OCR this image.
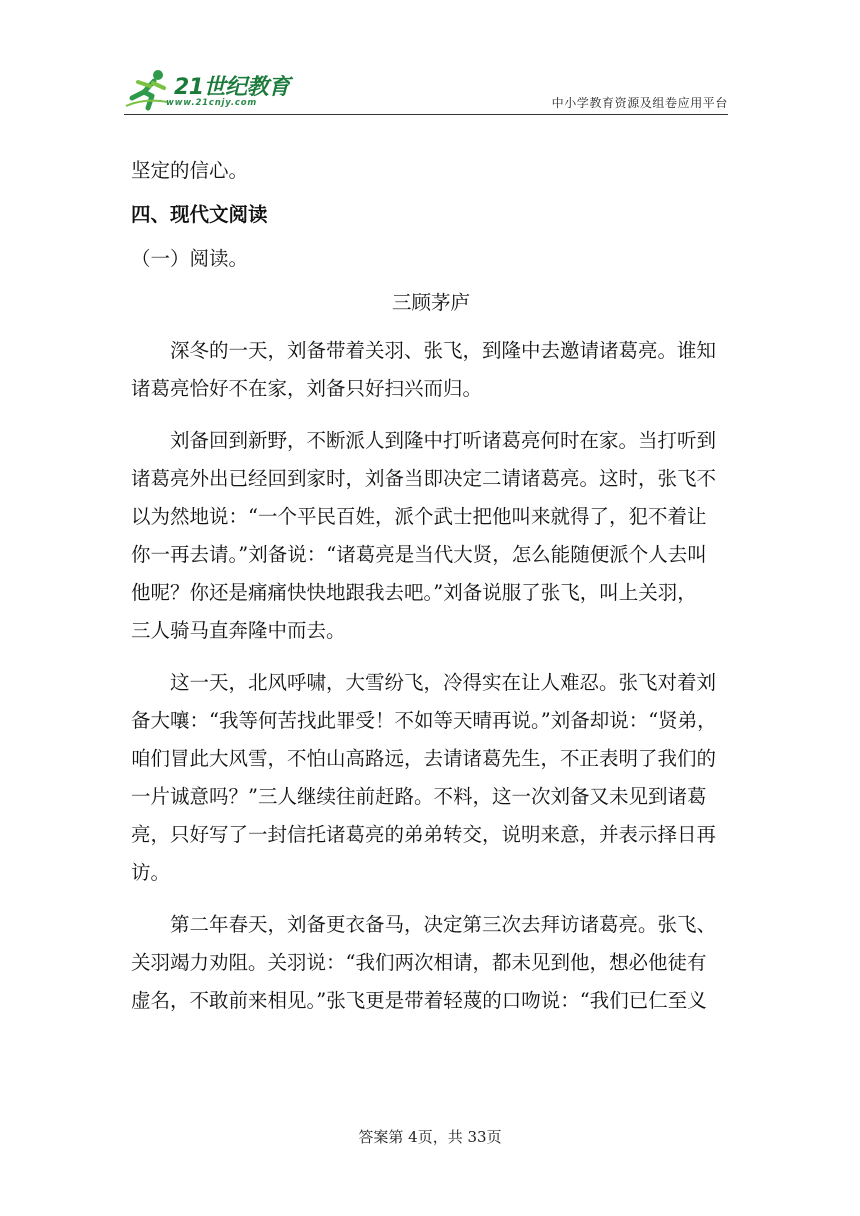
21世纪教育
www.21cnjy.com	中小学教育资源及组卷应用平台
坚定的信心。
四、现代文阅读
（一）阅读。
三顾茅庐
深冬的一天，刘备带着关羽、张飞，到隆中去邀请诸葛亮。谁知
诸葛亮恰好不在家，刘备只好扫兴而归。
刘备回到新野，不断派人到隆中打听诸葛亮何时在家。当打听到
诸葛亮外出已经回到家时，刘备当即决定二请诸葛亮。这时，张飞不
以为然地说：“一个平民百姓，派个武士把他叫来就得了，犯不着让
你一再去请。”刘备说：“诸葛亮是当代大贤，怎么能随便派个人去叫
他呢？你还是痛痛快快地跟我去吧。”刘备说服了张飞，叫上关羽，
三人骑马直奔隆中而去。
这一天，北风呼啸，大雪纷飞，冷得实在让人难忍。张飞对着刘
备大嚷：“我等何苦找此罪受！不如等天晴再说。”刘备却说：“贤弟，
咱们冒此大风雪，不怕山高路远，去请诸葛先生，不正表明了我们的
一片诚意吗？”三人继续往前赶路。不料，这一次刘备又未见到诸葛
亮，只好写了一封信托诸葛亮的弟弟转交，说明来意，并表示择日再
访。
第二年春天，刘备更衣备马，决定第三次去拜访诸葛亮。张飞、
关羽竭力劝阻。关羽说：“我们两次相请，都未见到他，想必他徒有
虚名，不敢前来相见。”张飞更是带着轻蔑的口吻说：“我们已仁至义
答案第 4页，共 33页
